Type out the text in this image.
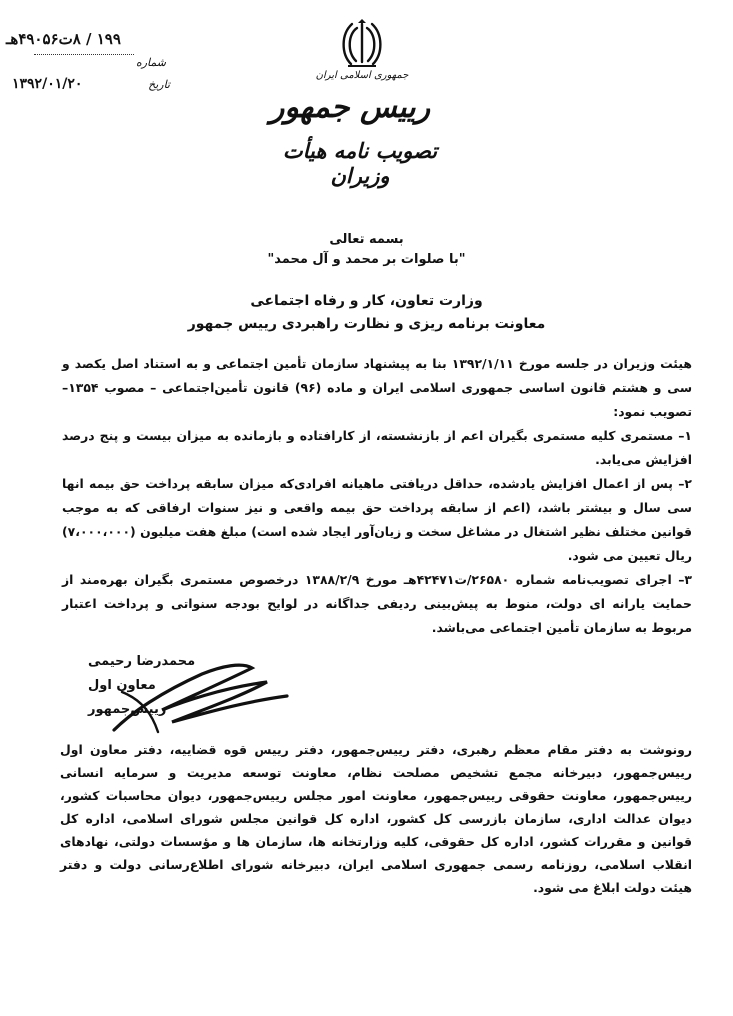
۱۹۹ / ۸ت۴۹۰۵۶هـ
شماره
۱۳۹۲/۰۱/۲۰	تاریخ
جمهوری اسلامی ایران
رییس جمهور
تصویب نامه هیأت وزیران
بسمه تعالی
"با صلوات بر محمد و آل محمد"
وزارت تعاون، کار و رفاه اجتماعی
معاونت برنامه ریزی و نظارت راهبردی رییس جمهور

هیئت وزیران در جلسه مورخ ۱۳۹۲/۱/۱۱ بنا به پیشنهاد سازمان تأمین اجتماعی و به استناد اصل یکصد و سی و هشتم قانون اساسی جمهوری اسلامی ایران و ماده (۹۶) قانون تأمین‌اجتماعی – مصوب ۱۳۵۴– تصویب نمود:

۱– مستمری کلیه مستمری بگیران اعم از بازنشسته، از کارافتاده و بازمانده به میزان بیست و پنج درصد افزایش می‌یابد.

۲– پس از اعمال افزایش یادشده، حداقل دریافتی ماهیانه افرادی‌که میزان سابقه پرداخت حق بیمه انها سی سال و بیشتر باشد، (اعم از سابقه پرداخت حق بیمه واقعی و نیز سنوات ارفاقی که به موجب قوانین مختلف نظیر اشتغال در مشاغل سخت و زیان‌آور ایجاد شده است) مبلغ هفت میلیون (۷،۰۰۰،۰۰۰) ریال تعیین می شود.

۳– اجرای تصویب‌نامه شماره ۲۶۵۸۰/ت۴۲۴۷۱هـ مورخ ۱۳۸۸/۲/۹ درخصوص مستمری بگیران بهره‌مند از حمایت یارانه ای دولت، منوط به پیش‌بینی ردیفی جداگانه در لوایح بودجه سنواتی و پرداخت اعتبار مربوط به سازمان تأمین اجتماعی می‌باشد.

محمدرضا رحیمی
معاون اول رییس‌جمهور

رونوشت به دفتر مقام معظم رهبری، دفتر رییس‌جمهور، دفتر رییس قوه قضاییه، دفتر معاون اول رییس‌جمهور، دبیرخانه مجمع تشخیص مصلحت نظام، معاونت توسعه مدیریت و سرمایه انسانی رییس‌جمهور، معاونت حقوقی رییس‌جمهور، معاونت امور مجلس رییس‌جمهور، دیوان محاسبات کشور، دیوان عدالت اداری، سازمان بازرسی کل کشور، اداره کل قوانین مجلس شورای اسلامی، اداره کل قوانین و مقررات کشور، اداره کل حقوقی، کلیه وزارتخانه ها، سازمان ها و مؤسسات دولتی، نهادهای انقلاب اسلامی، روزنامه رسمی جمهوری اسلامی ایران، دبیرخانه شورای اطلاع‌رسانی دولت و دفتر هیئت دولت ابلاغ می شود.
